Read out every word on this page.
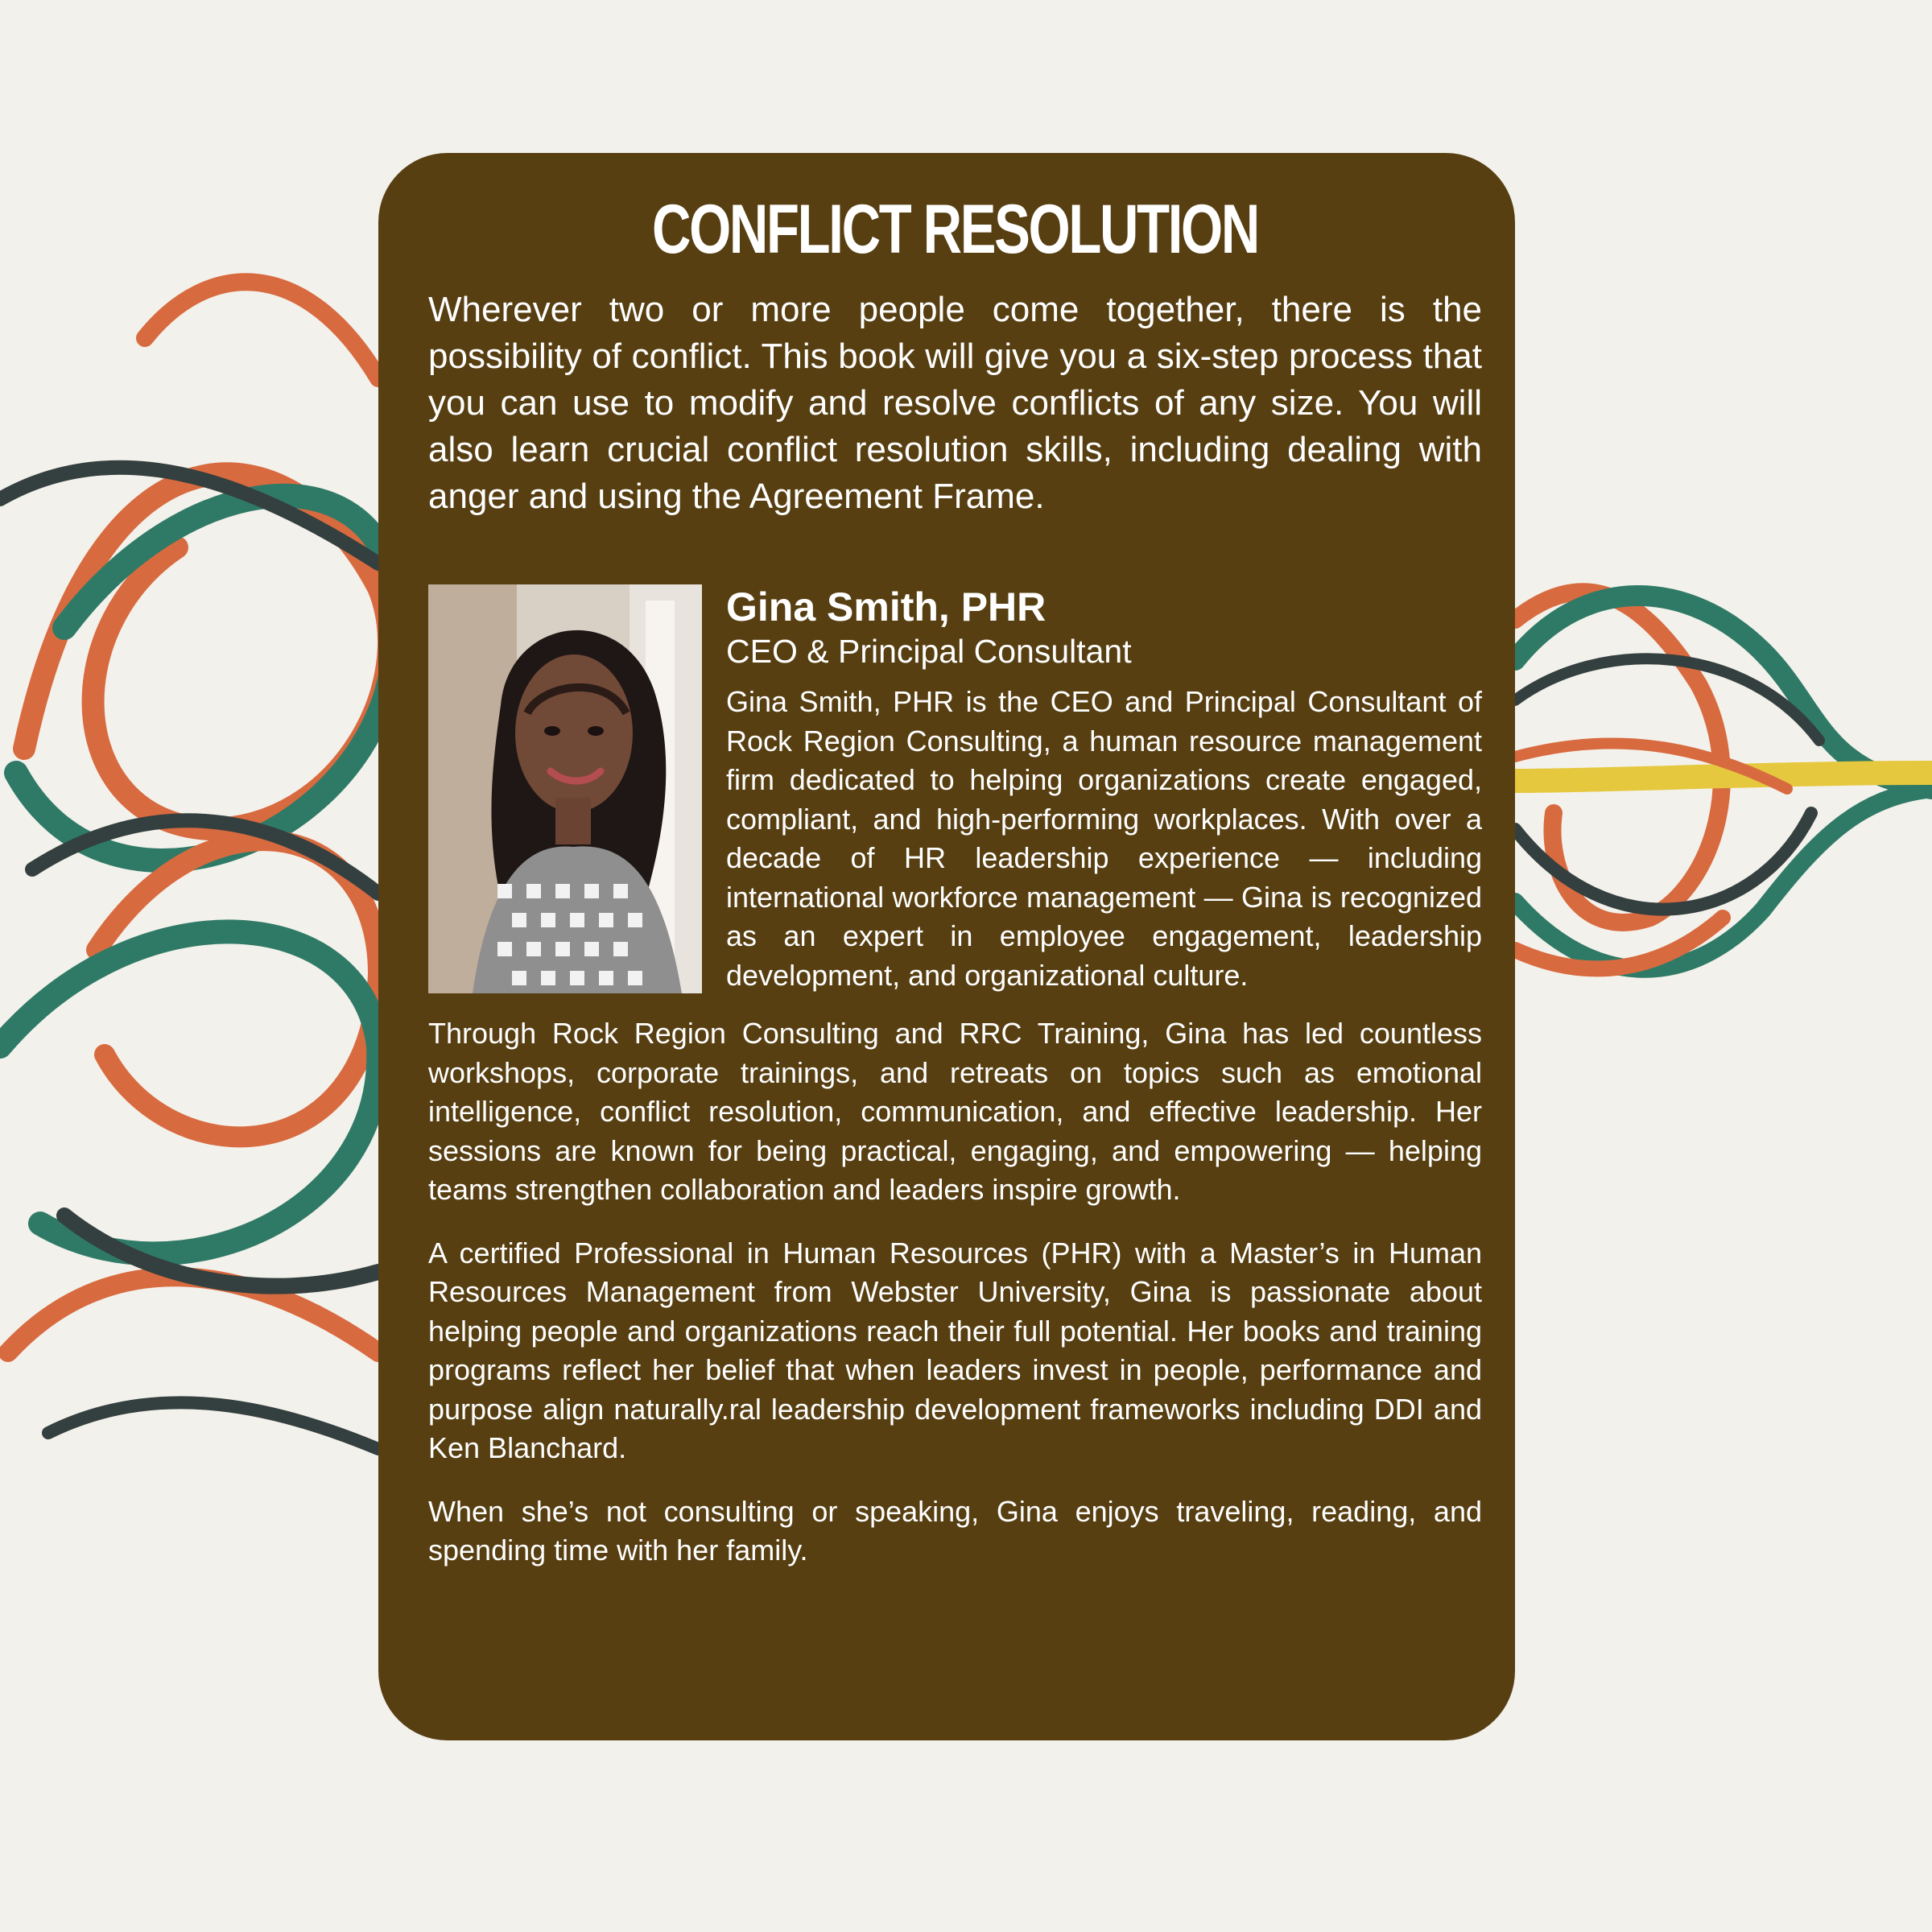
CONFLICT RESOLUTION

Wherever two or more people come together, there is the possibility of conflict. This book will give you a six-step process that you can use to modify and resolve conflicts of any size. You will also learn crucial conflict resolution skills, including dealing with anger and using the Agreement Frame.

Gina Smith, PHR
CEO & Principal Consultant

Gina Smith, PHR is the CEO and Principal Consultant of Rock Region Consulting, a human resource management firm dedicated to helping organizations create engaged, compliant, and high-performing workplaces. With over a decade of HR leadership experience — including international workforce management — Gina is recognized as an expert in employee engagement, leadership development, and organizational culture.

Through Rock Region Consulting and RRC Training, Gina has led countless workshops, corporate trainings, and retreats on topics such as emotional intelligence, conflict resolution, communication, and effective leadership. Her sessions are known for being practical, engaging, and empowering — helping teams strengthen collaboration and leaders inspire growth.

A certified Professional in Human Resources (PHR) with a Master’s in Human Resources Management from Webster University, Gina is passionate about helping people and organizations reach their full potential. Her books and training programs reflect her belief that when leaders invest in people, performance and purpose align naturally.ral leadership development frameworks including DDI and Ken Blanchard.

When she’s not consulting or speaking, Gina enjoys traveling, reading, and spending time with her family.
